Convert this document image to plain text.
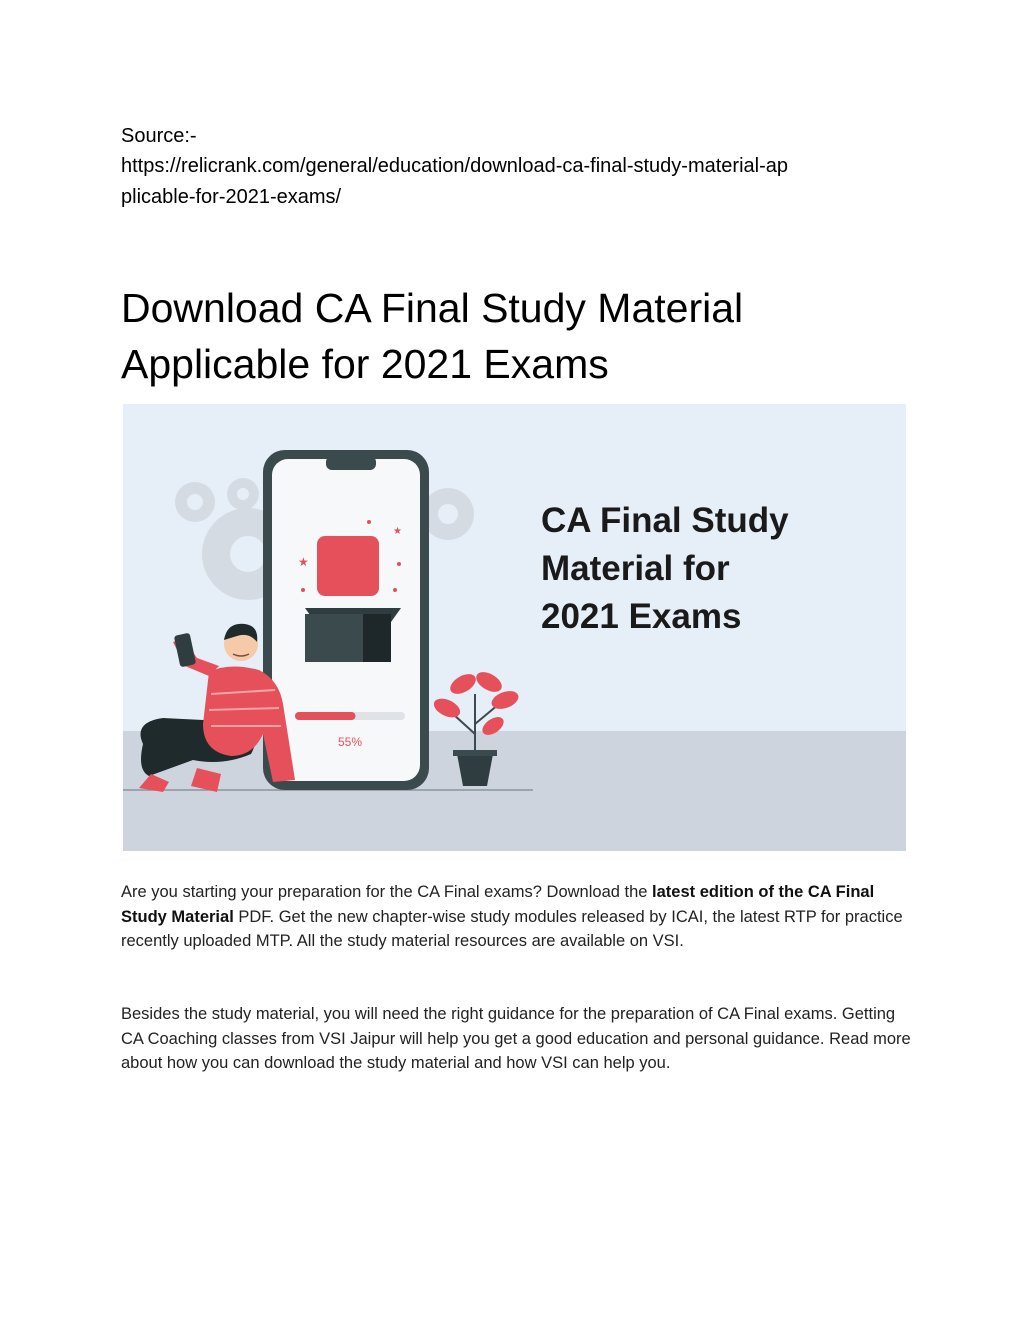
Source:-
https://relicrank.com/general/education/download-ca-final-study-material-ap
plicable-for-2021-exams/
Download CA Final Study Material Applicable for 2021 Exams
★
★
55%
CA Final Study
Material for
2021 Exams

Are you starting your preparation for the CA Final exams? Download the latest edition of the CA Final Study Material PDF. Get the new chapter-wise study modules released by ICAI, the latest RTP for practice recently uploaded MTP. All the study material resources are available on VSI.

Besides the study material, you will need the right guidance for the preparation of CA Final exams. Getting CA Coaching classes from VSI Jaipur will help you get a good education and personal guidance. Read more about how you can download the study material and how VSI can help you.
